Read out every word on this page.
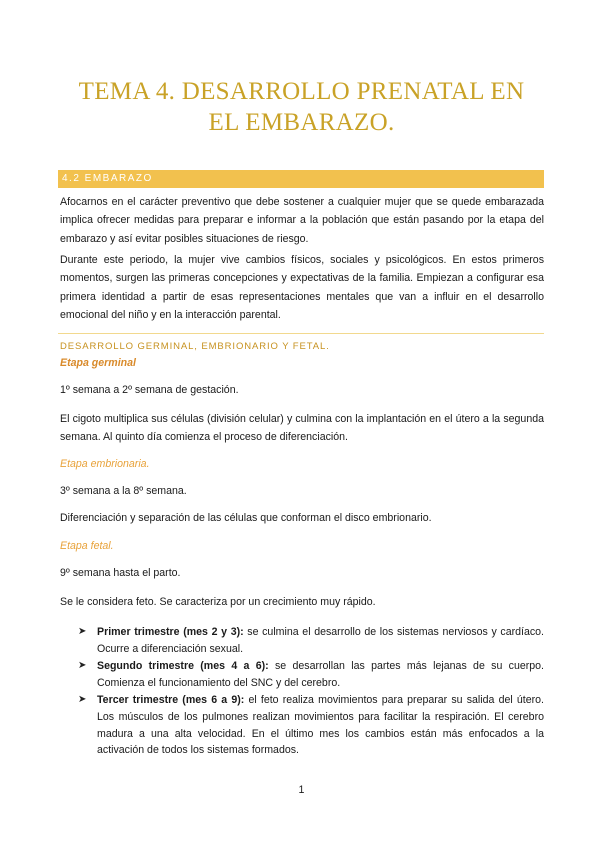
TEMA 4. DESARROLLO PRENATAL EN EL EMBARAZO.
4.2 EMBARAZO

Afocarnos en el carácter preventivo que debe sostener a cualquier mujer que se quede embarazada implica ofrecer medidas para preparar e informar a la población que están pasando por la etapa del embarazo y así evitar posibles situaciones de riesgo.

Durante este periodo, la mujer vive cambios físicos, sociales y psicológicos. En estos primeros momentos, surgen las primeras concepciones y expectativas de la familia. Empiezan a configurar esa primera identidad a partir de esas representaciones mentales que van a influir en el desarrollo emocional del niño y en la interacción parental.

DESARROLLO GERMINAL, EMBRIONARIO Y FETAL.

Etapa germinal

1º semana a 2º semana de gestación.

El cigoto multiplica sus células (división celular) y culmina con la implantación en el útero a la segunda semana. Al quinto día comienza el proceso de diferenciación.

Etapa embrionaria.

3º semana a la 8º semana.

Diferenciación y separación de las células que conforman el disco embrionario.

Etapa fetal.

9º semana hasta el parto.

Se le considera feto. Se caracteriza por un crecimiento muy rápido.

➤ Primer trimestre (mes 2 y 3): se culmina el desarrollo de los sistemas nerviosos y cardíaco. Ocurre a diferenciación sexual.
➤ Segundo trimestre (mes 4 a 6): se desarrollan las partes más lejanas de su cuerpo. Comienza el funcionamiento del SNC y del cerebro.
➤ Tercer trimestre (mes 6 a 9): el feto realiza movimientos para preparar su salida del útero. Los músculos de los pulmones realizan movimientos para facilitar la respiración. El cerebro madura a una alta velocidad. En el último mes los cambios están más enfocados a la activación de todos los sistemas formados.
1
